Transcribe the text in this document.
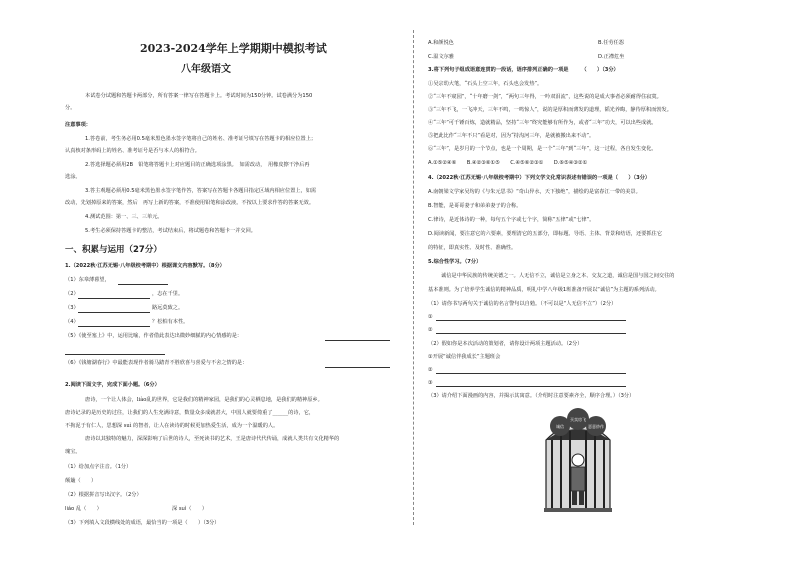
2023-2024学年上学期期中模拟考试
八年级语文
本试卷分试题和答题卡两部分，所有答案一律写在答题卡上。考试时间为150分钟。试卷满分为150
分。
注意事项：
1.答卷前，考生务必用0.5毫米黑色墨水签字笔将自己的姓名、准考证号填写在答题卡的相应位置上；
认真核对条形码上的姓名、准考证号是否与本人的相符合。
2.答选择题必须用2B　铅笔将答题卡上对应题目的正确选项涂黑。　如需改动，　用橡皮擦干净后再
选涂。
3.答主观题必须用0.5毫米黑色墨水签字笔作答，答案写在答题卡各题目指定区域内相应位置上，如需
改动，先划掉原来的答案，然后　再写上新的答案，不准使用铅笔和涂改液。不按以上要求作答的答案无效。
4.测试范围：第一、三、三单元。
5.考生必须保持答题卡的整洁，考试结束后，将试题卷和答题卡一并交回。
一、积累与运用（27分）
1.（2022秋·江苏无锡·八年级校考期中）根据课文内容默写。（8分）
（1）东皋薄暮望，
（2）	，志在千里。
（3）	路远莫致之。
（4）	？松柏有本性。
（5）《使至塞上》中，运用比喻，作者借此表达出微妙细腻的内心情感的是：
（6）《钱塘湖春行》中最能表现作者骑马踏青不胜欣喜与喜爱与不舍之情的是：
2.阅读下面文字，完成下面小题。（6分）
唐诗，一个让人体会，liào乱的世界，它是我们的精神家园，是我们的心灵栖息地，是我们的精神原乡。
唐诗记录的是历史的过往，让我们的人生充满诗意，数量众多成就甚大，中国人就要倚重了______的诗，它，
不拘泥于有仁人，思想深 suì 的智者，让人在读诗的时候更加热爱生活，成为一个温暖的人。
唐诗以其独特的魅力，深深影响了后世的诗人，至死读书的艺术，王是唐诗代代传诵，成就人类共有文化精华的
瑰宝。
（1）给加点字注音。（1分）
颠簸（　　）
（2）根据拼音写出汉字。（2分）
liáo 乱（　　）	深 suì（　　）
（3）下列填入文段横线处的成语，最恰当的一项是（　　）（3分）
A.和颜悦色	B.任劳任怨
C.温文尔雅	D.正襟危坐
3.将下列句子组成语意连贯的一段话，语序排列正确的一项是　　　（　　）（3分）
①吴宗幼大笔，“石头上空三年，石头也会发热”。
②“三年不窥园”，“十年磨一剑”，“两句三年得，一吟双泪流”，这些说的是成大事者必须耐得住寂寞。
③“三年不飞，一飞冲天，三年不鸣，一鸣惊人”，说的是厚积而薄发的道理，韬光养晦，静待厚积而勃发。
④“三年”可千锤百炼，造就精品，坚持“三年”终究能够有所作为，或者“三年”功夫，可以出些成就。
⑤把此比作“三年不只”看是对，因为“持沟河三年，是就被搬出来不动”。
⑥“三年”，是岁月的一个节点，也是一个周期，是一个“三年”到“三年”，这一过程，各自发生变化。
A.①⑤②④⑥　　B.④②③⑥①⑤　　C.④⑤⑥②③①　　D.⑥⑤④③②①
4.（2022秋·江苏无锡·八年级校考期中）下列文学文化常识表述有错误的一项是（　　）（3分）
A.南朝梁文学家吴均的《与朱元思书》“奇山异水，天下独绝”，描绘的是富春江一带的美景。
B.智能，是哥哥妻子和弟弟妻子的合称。
C.律诗，是近体诗的一种，每句五个字或七个字，简称“五律”或“七律”。
D.阅读新闻，要注意它的六要素，要理清它的五部分，即标题、导语、主体、背景和结语，还要抓住它
的特征，即真实性、及时性、准确性。
5.综合性学习。（7分）
诚信是中华民族的传统美德之一。人无信不立，诚信是立身之本、交友之道，诚信是国与国之间交往的
基本准则。为了培养学生诚信的精神品质，明礼中学八年级1班准备开展以“诚信”为主题的系列活动。
（1）请你书写两句关于诚信的名言警句以自勉。（不可以是“人无信不立”）（2分）
①
②
（2）假如你是本次活动的策划者，请你设计两项主题活动。（2分）
①开展“诚信伴我成长”主题班会
②
③
（3）请介绍下面漫画的内容，并揭示其寓意。（介绍时注意要素齐全，顺序合理。）（3分）
诚信
买卖房飞
恶意炒作
